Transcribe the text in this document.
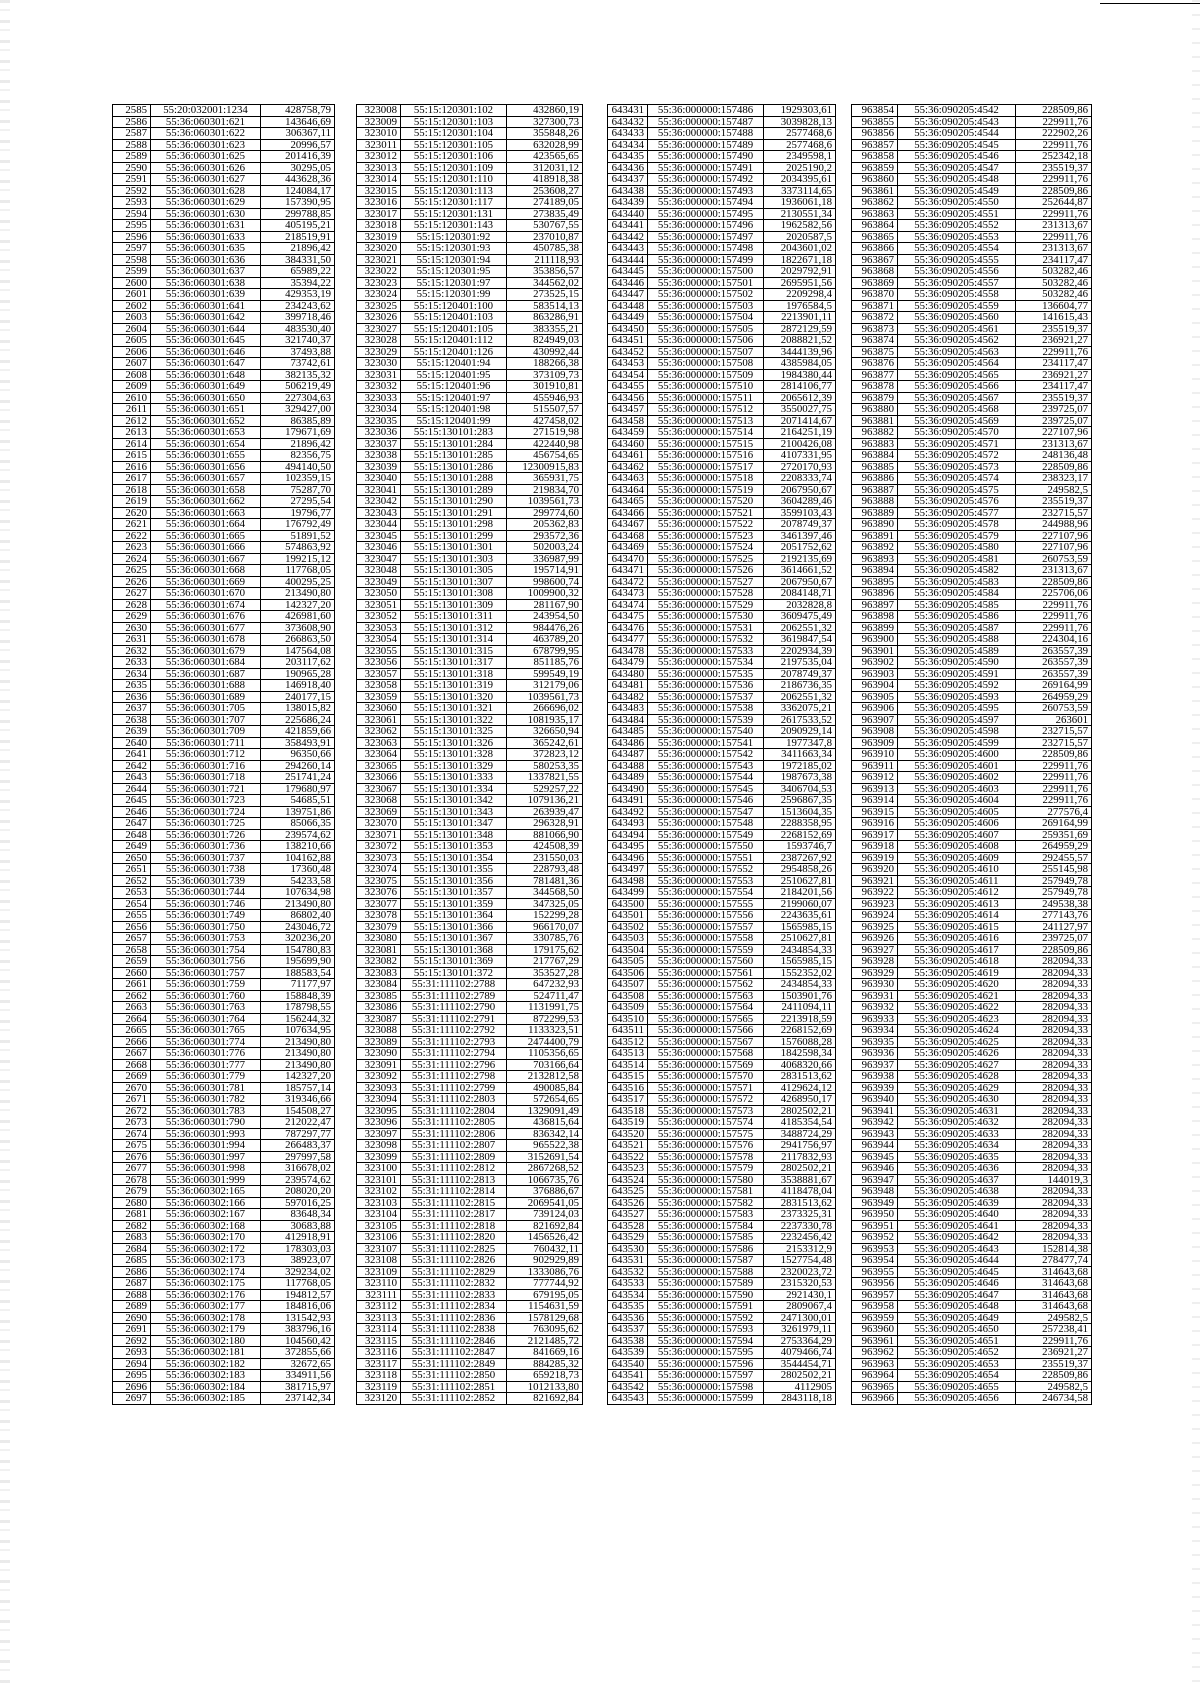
2585	55:20:032001:1234	428758,79
2586	55:36:060301:621	143646,69
2587	55:36:060301:622	306367,11
2588	55:36:060301:623	20996,57
2589	55:36:060301:625	201416,39
2590	55:36:060301:626	30295,05
2591	55:36:060301:627	443628,36
2592	55:36:060301:628	124084,17
2593	55:36:060301:629	157390,95
2594	55:36:060301:630	299788,85
2595	55:36:060301:631	405195,21
2596	55:36:060301:633	218519,91
2597	55:36:060301:635	21896,42
2598	55:36:060301:636	384331,50
2599	55:36:060301:637	65989,22
2600	55:36:060301:638	35394,22
2601	55:36:060301:639	429353,19
2602	55:36:060301:641	234243,62
2603	55:36:060301:642	399718,46
2604	55:36:060301:644	483530,40
2605	55:36:060301:645	321740,37
2606	55:36:060301:646	37493,88
2607	55:36:060301:647	73742,61
2608	55:36:060301:648	382135,32
2609	55:36:060301:649	506219,49
2610	55:36:060301:650	227304,63
2611	55:36:060301:651	329427,00
2612	55:36:060301:652	86385,89
2613	55:36:060301:653	179671,69
2614	55:36:060301:654	21896,42
2615	55:36:060301:655	82356,75
2616	55:36:060301:656	494140,50
2617	55:36:060301:657	102359,15
2618	55:36:060301:658	75287,70
2619	55:36:060301:662	27295,54
2620	55:36:060301:663	19796,77
2621	55:36:060301:664	176792,49
2622	55:36:060301:665	51891,52
2623	55:36:060301:666	574863,92
2624	55:36:060301:667	199215,12
2625	55:36:060301:668	117768,05
2626	55:36:060301:669	400295,25
2627	55:36:060301:670	213490,80
2628	55:36:060301:674	142327,20
2629	55:36:060301:676	426981,60
2630	55:36:060301:677	373608,90
2631	55:36:060301:678	266863,50
2632	55:36:060301:679	147564,08
2633	55:36:060301:684	203117,62
2634	55:36:060301:687	190965,28
2635	55:36:060301:688	146918,40
2636	55:36:060301:689	240177,15
2637	55:36:060301:705	138015,82
2638	55:36:060301:707	225686,24
2639	55:36:060301:709	421859,66
2640	55:36:060301:711	358493,91
2641	55:36:060301:712	96350,66
2642	55:36:060301:716	294260,14
2643	55:36:060301:718	251741,24
2644	55:36:060301:721	179680,97
2645	55:36:060301:723	54685,51
2646	55:36:060301:724	139751,86
2647	55:36:060301:725	85066,35
2648	55:36:060301:726	239574,62
2649	55:36:060301:736	138210,66
2650	55:36:060301:737	104162,88
2651	55:36:060301:738	17360,48
2652	55:36:060301:739	54233,58
2653	55:36:060301:744	107634,98
2654	55:36:060301:746	213490,80
2655	55:36:060301:749	86802,40
2656	55:36:060301:750	243046,72
2657	55:36:060301:753	320236,20
2658	55:36:060301:754	154780,83
2659	55:36:060301:756	195699,90
2660	55:36:060301:757	188583,54
2661	55:36:060301:759	71177,97
2662	55:36:060301:760	158848,39
2663	55:36:060301:763	178798,55
2664	55:36:060301:764	156244,32
2665	55:36:060301:765	107634,95
2666	55:36:060301:774	213490,80
2667	55:36:060301:776	213490,80
2668	55:36:060301:777	213490,80
2669	55:36:060301:779	142327,20
2670	55:36:060301:781	185757,14
2671	55:36:060301:782	319346,66
2672	55:36:060301:783	154508,27
2673	55:36:060301:790	212022,47
2674	55:36:060301:993	787297,77
2675	55:36:060301:994	266483,37
2676	55:36:060301:997	297997,58
2677	55:36:060301:998	316678,02
2678	55:36:060301:999	239574,62
2679	55:36:060302:165	208020,20
2680	55:36:060302:166	597016,25
2681	55:36:060302:167	83648,34
2682	55:36:060302:168	30683,88
2683	55:36:060302:170	412918,91
2684	55:36:060302:172	178303,03
2685	55:36:060302:173	38923,07
2686	55:36:060302:174	329234,02
2687	55:36:060302:175	117768,05
2688	55:36:060302:176	194812,57
2689	55:36:060302:177	184816,06
2690	55:36:060302:178	131542,93
2691	55:36:060302:179	383796,16
2692	55:36:060302:180	104560,42
2693	55:36:060302:181	372855,66
2694	55:36:060302:182	32672,65
2695	55:36:060302:183	334911,56
2696	55:36:060302:184	381715,97
2697	55:36:060302:185	237142,34
323008	55:15:120301:102	432860,19
323009	55:15:120301:103	327300,73
323010	55:15:120301:104	355848,26
323011	55:15:120301:105	632028,99
323012	55:15:120301:106	423565,65
323013	55:15:120301:109	312031,12
323014	55:15:120301:110	418918,38
323015	55:15:120301:113	253608,27
323016	55:15:120301:117	274189,05
323017	55:15:120301:131	273835,49
323018	55:15:120301:143	530767,55
323019	55:15:120301:92	237010,87
323020	55:15:120301:93	450785,38
323021	55:15:120301:94	211118,93
323022	55:15:120301:95	353856,57
323023	55:15:120301:97	344562,02
323024	55:15:120301:99	273525,15
323025	55:15:120401:100	583514,13
323026	55:15:120401:103	863286,91
323027	55:15:120401:105	383355,21
323028	55:15:120401:112	824949,03
323029	55:15:120401:126	430992,44
323030	55:15:120401:94	188266,38
323031	55:15:120401:95	373109,73
323032	55:15:120401:96	301910,81
323033	55:15:120401:97	455946,93
323034	55:15:120401:98	515507,57
323035	55:15:120401:99	427458,02
323036	55:15:130101:283	271519,98
323037	55:15:130101:284	422440,98
323038	55:15:130101:285	456754,65
323039	55:15:130101:286	12300915,83
323040	55:15:130101:288	365931,75
323041	55:15:130101:289	219834,70
323042	55:15:130101:290	1039561,73
323043	55:15:130101:291	299774,60
323044	55:15:130101:298	205362,83
323045	55:15:130101:299	293572,36
323046	55:15:130101:301	502003,24
323047	55:15:130101:303	336987,99
323048	55:15:130101:305	195714,91
323049	55:15:130101:307	998600,74
323050	55:15:130101:308	1009900,32
323051	55:15:130101:309	281167,90
323052	55:15:130101:311	243954,50
323053	55:15:130101:312	984476,26
323054	55:15:130101:314	463789,20
323055	55:15:130101:315	678799,95
323056	55:15:130101:317	851185,76
323057	55:15:130101:318	599549,19
323058	55:15:130101:319	312179,06
323059	55:15:130101:320	1039561,73
323060	55:15:130101:321	266696,02
323061	55:15:130101:322	1081935,17
323062	55:15:130101:325	326650,94
323063	55:15:130101:326	365242,61
323064	55:15:130101:328	372823,12
323065	55:15:130101:329	580253,35
323066	55:15:130101:333	1337821,55
323067	55:15:130101:334	529257,22
323068	55:15:130101:342	1079136,21
323069	55:15:130101:343	263939,47
323070	55:15:130101:347	296328,91
323071	55:15:130101:348	881066,90
323072	55:15:130101:353	424508,39
323073	55:15:130101:354	231550,03
323074	55:15:130101:355	228793,48
323075	55:15:130101:356	781481,36
323076	55:15:130101:357	344568,50
323077	55:15:130101:359	347325,05
323078	55:15:130101:364	152299,28
323079	55:15:130101:366	966170,07
323080	55:15:130101:367	330785,76
323081	55:15:130101:368	179175,62
323082	55:15:130101:369	217767,29
323083	55:15:130101:372	353527,28
323084	55:31:111102:2788	647232,93
323085	55:31:111102:2789	524711,47
323086	55:31:111102:2790	1131991,75
323087	55:31:111102:2791	872299,53
323088	55:31:111102:2792	1133323,51
323089	55:31:111102:2793	2474400,79
323090	55:31:111102:2794	1105356,65
323091	55:31:111102:2796	703166,64
323092	55:31:111102:2798	2132812,58
323093	55:31:111102:2799	490085,84
323094	55:31:111102:2803	572654,65
323095	55:31:111102:2804	1329091,49
323096	55:31:111102:2805	436815,64
323097	55:31:111102:2806	836342,14
323098	55:31:111102:2807	965522,38
323099	55:31:111102:2809	3152691,54
323100	55:31:111102:2812	2867268,52
323101	55:31:111102:2813	1066735,76
323102	55:31:111102:2814	376886,67
323103	55:31:111102:2815	2069541,05
323104	55:31:111102:2817	739124,03
323105	55:31:111102:2818	821692,84
323106	55:31:111102:2820	1456526,42
323107	55:31:111102:2825	760432,11
323108	55:31:111102:2826	902929,89
323109	55:31:111102:2829	1333086,76
323110	55:31:111102:2832	777744,92
323111	55:31:111102:2833	679195,05
323112	55:31:111102:2834	1154631,59
323113	55:31:111102:2836	1578129,68
323114	55:31:111102:2838	763095,62
323115	55:31:111102:2846	2121485,72
323116	55:31:111102:2847	841669,16
323117	55:31:111102:2849	884285,32
323118	55:31:111102:2850	659218,73
323119	55:31:111102:2851	1012133,80
323120	55:31:111102:2852	821692,84
643431	55:36:000000:157486	1929303,61
643432	55:36:000000:157487	3039828,13
643433	55:36:000000:157488	2577468,6
643434	55:36:000000:157489	2577468,6
643435	55:36:000000:157490	2349598,1
643436	55:36:000000:157491	2025190,2
643437	55:36:000000:157492	2034395,61
643438	55:36:000000:157493	3373114,65
643439	55:36:000000:157494	1936061,18
643440	55:36:000000:157495	2130551,34
643441	55:36:000000:157496	1962582,56
643442	55:36:000000:157497	2020587,5
643443	55:36:000000:157498	2043601,02
643444	55:36:000000:157499	1822671,18
643445	55:36:000000:157500	2029792,91
643446	55:36:000000:157501	2695951,56
643447	55:36:000000:157502	2209298,4
643448	55:36:000000:157503	1976584,5
643449	55:36:000000:157504	2213901,11
643450	55:36:000000:157505	2872129,59
643451	55:36:000000:157506	2088821,52
643452	55:36:000000:157507	3444139,96
643453	55:36:000000:157508	4385984,05
643454	55:36:000000:157509	1984380,44
643455	55:36:000000:157510	2814106,77
643456	55:36:000000:157511	2065612,39
643457	55:36:000000:157512	3550027,75
643458	55:36:000000:157513	2071414,67
643459	55:36:000000:157514	2164251,19
643460	55:36:000000:157515	2100426,08
643461	55:36:000000:157516	4107331,95
643462	55:36:000000:157517	2720170,93
643463	55:36:000000:157518	2208333,74
643464	55:36:000000:157519	2067950,67
643465	55:36:000000:157520	3604289,46
643466	55:36:000000:157521	3599103,43
643467	55:36:000000:157522	2078749,37
643468	55:36:000000:157523	3461397,46
643469	55:36:000000:157524	2051752,62
643470	55:36:000000:157525	2192135,69
643471	55:36:000000:157526	3614661,52
643472	55:36:000000:157527	2067950,67
643473	55:36:000000:157528	2084148,71
643474	55:36:000000:157529	2032828,8
643475	55:36:000000:157530	3609475,49
643476	55:36:000000:157531	2062551,32
643477	55:36:000000:157532	3619847,54
643478	55:36:000000:157533	2202934,39
643479	55:36:000000:157534	2197535,04
643480	55:36:000000:157535	2078749,37
643481	55:36:000000:157536	2186736,35
643482	55:36:000000:157537	2062551,32
643483	55:36:000000:157538	3362075,21
643484	55:36:000000:157539	2617533,52
643485	55:36:000000:157540	2090929,14
643486	55:36:000000:157541	1977347,8
643487	55:36:000000:157542	3411663,34
643488	55:36:000000:157543	1972185,02
643489	55:36:000000:157544	1987673,38
643490	55:36:000000:157545	3406704,53
643491	55:36:000000:157546	2596867,35
643492	55:36:000000:157547	1513604,35
643493	55:36:000000:157548	2288358,95
643494	55:36:000000:157549	2268152,69
643495	55:36:000000:157550	1593746,7
643496	55:36:000000:157551	2387267,92
643497	55:36:000000:157552	2954858,26
643498	55:36:000000:157553	2510627,81
643499	55:36:000000:157554	2184201,56
643500	55:36:000000:157555	2199060,07
643501	55:36:000000:157556	2243635,61
643502	55:36:000000:157557	1565985,15
643503	55:36:000000:157558	2510627,81
643504	55:36:000000:157559	2434854,33
643505	55:36:000000:157560	1565985,15
643506	55:36:000000:157561	1552352,02
643507	55:36:000000:157562	2434854,33
643508	55:36:000000:157563	1503901,76
643509	55:36:000000:157564	2411094,11
643510	55:36:000000:157565	2213918,59
643511	55:36:000000:157566	2268152,69
643512	55:36:000000:157567	1576088,28
643513	55:36:000000:157568	1842598,34
643514	55:36:000000:157569	4068320,66
643515	55:36:000000:157570	2831513,62
643516	55:36:000000:157571	4129624,12
643517	55:36:000000:157572	4268950,17
643518	55:36:000000:157573	2802502,21
643519	55:36:000000:157574	4185354,54
643520	55:36:000000:157575	3488724,29
643521	55:36:000000:157576	2941756,97
643522	55:36:000000:157578	2117832,93
643523	55:36:000000:157579	2802502,21
643524	55:36:000000:157580	3538881,67
643525	55:36:000000:157581	4118478,04
643526	55:36:000000:157582	2831513,62
643527	55:36:000000:157583	2373325,31
643528	55:36:000000:157584	2237330,78
643529	55:36:000000:157585	2232456,42
643530	55:36:000000:157586	2153312,9
643531	55:36:000000:157587	1527754,48
643532	55:36:000000:157588	2320023,72
643533	55:36:000000:157589	2315320,53
643534	55:36:000000:157590	2921430,1
643535	55:36:000000:157591	2809067,4
643536	55:36:000000:157592	2471300,01
643537	55:36:000000:157593	3261979,11
643538	55:36:000000:157594	2753364,29
643539	55:36:000000:157595	4079466,74
643540	55:36:000000:157596	3544454,71
643541	55:36:000000:157597	2802502,21
643542	55:36:000000:157598	4112905
643543	55:36:000000:157599	2843118,18
963854	55:36:090205:4542	228509,86
963855	55:36:090205:4543	229911,76
963856	55:36:090205:4544	222902,26
963857	55:36:090205:4545	229911,76
963858	55:36:090205:4546	252342,18
963859	55:36:090205:4547	235519,37
963860	55:36:090205:4548	229911,76
963861	55:36:090205:4549	228509,86
963862	55:36:090205:4550	252644,87
963863	55:36:090205:4551	229911,76
963864	55:36:090205:4552	231313,67
963865	55:36:090205:4553	229911,76
963866	55:36:090205:4554	231313,67
963867	55:36:090205:4555	234117,47
963868	55:36:090205:4556	503282,46
963869	55:36:090205:4557	503282,46
963870	55:36:090205:4558	503282,46
963871	55:36:090205:4559	136604,77
963872	55:36:090205:4560	141615,43
963873	55:36:090205:4561	235519,37
963874	55:36:090205:4562	236921,27
963875	55:36:090205:4563	229911,76
963876	55:36:090205:4564	234117,47
963877	55:36:090205:4565	236921,27
963878	55:36:090205:4566	234117,47
963879	55:36:090205:4567	235519,37
963880	55:36:090205:4568	239725,07
963881	55:36:090205:4569	239725,07
963882	55:36:090205:4570	227107,96
963883	55:36:090205:4571	231313,67
963884	55:36:090205:4572	248136,48
963885	55:36:090205:4573	228509,86
963886	55:36:090205:4574	238323,17
963887	55:36:090205:4575	249582,5
963888	55:36:090205:4576	235519,37
963889	55:36:090205:4577	232715,57
963890	55:36:090205:4578	244988,96
963891	55:36:090205:4579	227107,96
963892	55:36:090205:4580	227107,96
963893	55:36:090205:4581	260753,59
963894	55:36:090205:4582	231313,67
963895	55:36:090205:4583	228509,86
963896	55:36:090205:4584	225706,06
963897	55:36:090205:4585	229911,76
963898	55:36:090205:4586	229911,76
963899	55:36:090205:4587	229911,76
963900	55:36:090205:4588	224304,16
963901	55:36:090205:4589	263557,39
963902	55:36:090205:4590	263557,39
963903	55:36:090205:4591	263557,39
963904	55:36:090205:4592	269164,99
963905	55:36:090205:4593	264959,29
963906	55:36:090205:4595	260753,59
963907	55:36:090205:4597	263601
963908	55:36:090205:4598	232715,57
963909	55:36:090205:4599	232715,57
963910	55:36:090205:4600	228509,86
963911	55:36:090205:4601	229911,76
963912	55:36:090205:4602	229911,76
963913	55:36:090205:4603	229911,76
963914	55:36:090205:4604	229911,76
963915	55:36:090205:4605	277576,4
963916	55:36:090205:4606	269164,99
963917	55:36:090205:4607	259351,69
963918	55:36:090205:4608	264959,29
963919	55:36:090205:4609	292455,57
963920	55:36:090205:4610	255145,98
963921	55:36:090205:4611	257949,78
963922	55:36:090205:4612	257949,78
963923	55:36:090205:4613	249538,38
963924	55:36:090205:4614	277143,76
963925	55:36:090205:4615	241127,97
963926	55:36:090205:4616	239725,07
963927	55:36:090205:4617	228509,86
963928	55:36:090205:4618	282094,33
963929	55:36:090205:4619	282094,33
963930	55:36:090205:4620	282094,33
963931	55:36:090205:4621	282094,33
963932	55:36:090205:4622	282094,33
963933	55:36:090205:4623	282094,33
963934	55:36:090205:4624	282094,33
963935	55:36:090205:4625	282094,33
963936	55:36:090205:4626	282094,33
963937	55:36:090205:4627	282094,33
963938	55:36:090205:4628	282094,33
963939	55:36:090205:4629	282094,33
963940	55:36:090205:4630	282094,33
963941	55:36:090205:4631	282094,33
963942	55:36:090205:4632	282094,33
963943	55:36:090205:4633	282094,33
963944	55:36:090205:4634	282094,33
963945	55:36:090205:4635	282094,33
963946	55:36:090205:4636	282094,33
963947	55:36:090205:4637	144019,3
963948	55:36:090205:4638	282094,33
963949	55:36:090205:4639	282094,33
963950	55:36:090205:4640	282094,33
963951	55:36:090205:4641	282094,33
963952	55:36:090205:4642	282094,33
963953	55:36:090205:4643	152814,38
963954	55:36:090205:4644	278477,74
963955	55:36:090205:4645	314643,68
963956	55:36:090205:4646	314643,68
963957	55:36:090205:4647	314643,68
963958	55:36:090205:4648	314643,68
963959	55:36:090205:4649	249582,5
963960	55:36:090205:4650	257238,41
963961	55:36:090205:4651	229911,76
963962	55:36:090205:4652	236921,27
963963	55:36:090205:4653	235519,37
963964	55:36:090205:4654	228509,86
963965	55:36:090205:4655	249582,5
963966	55:36:090205:4656	246734,58
